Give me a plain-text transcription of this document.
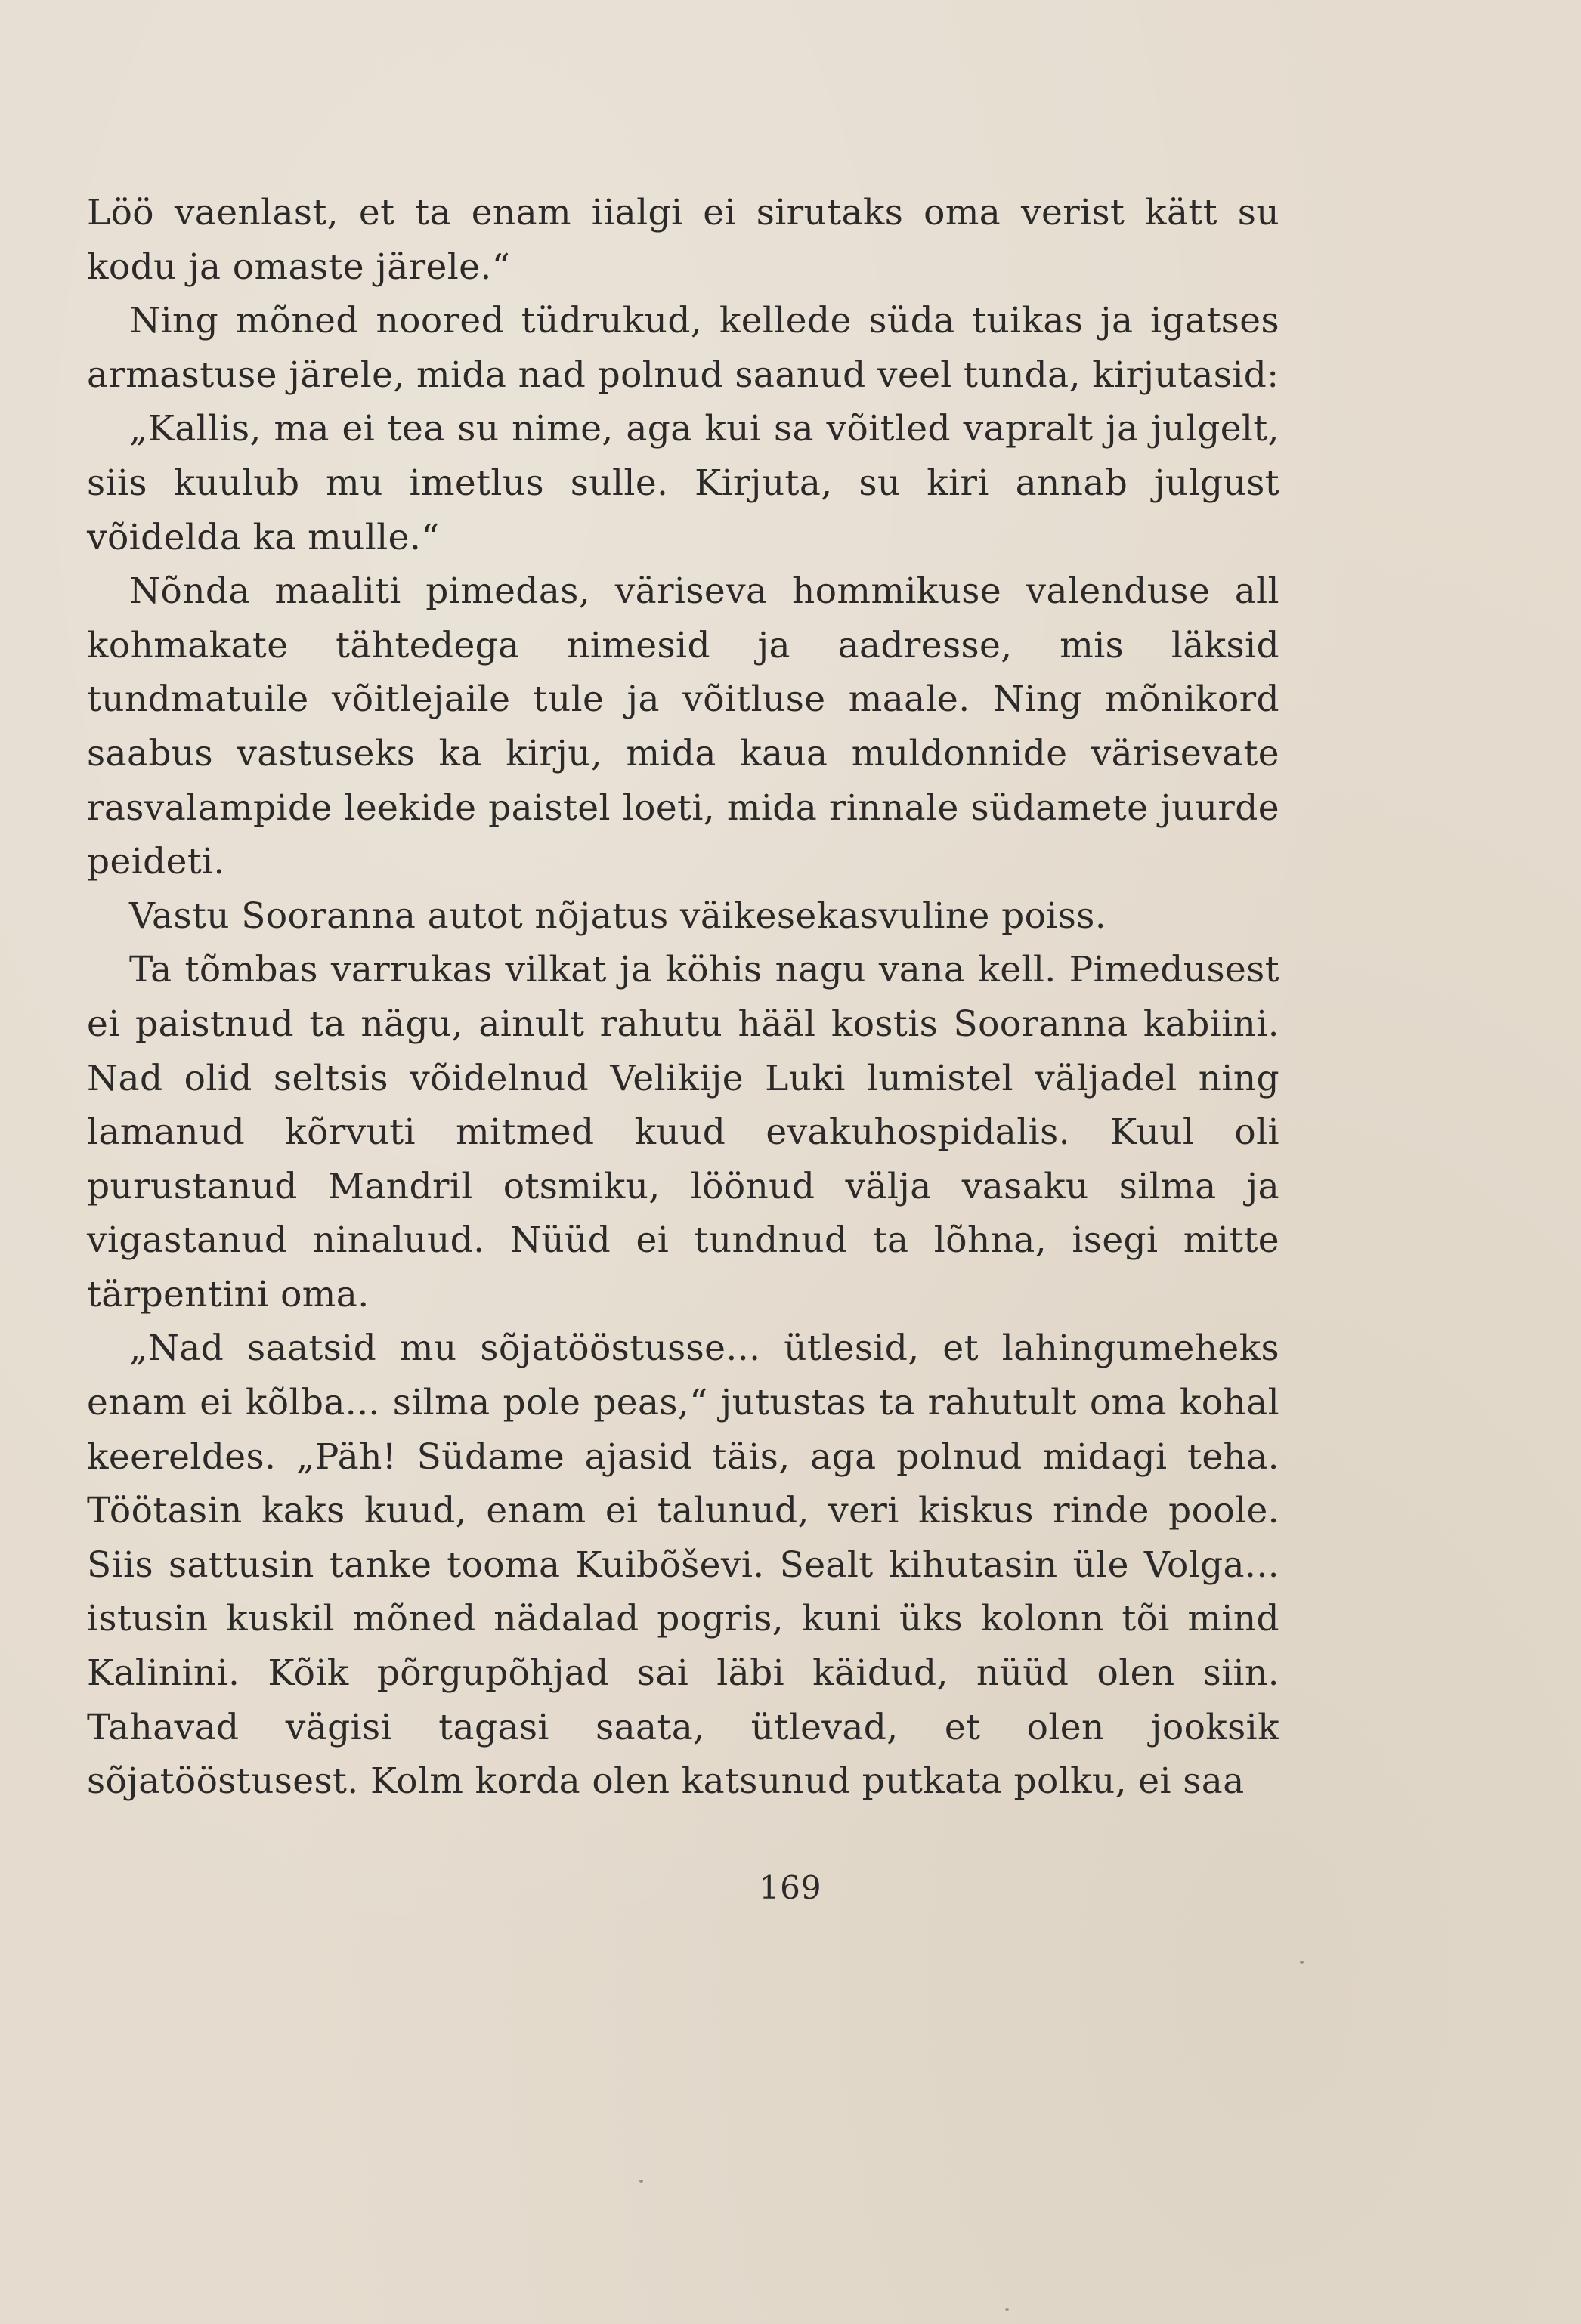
Löö vaenlast, et ta enam iialgi ei sirutaks oma verist kätt su kodu ja omaste järele.“

Ning mõned noored tüdrukud, kellede süda tuikas ja igatses armastuse järele, mida nad polnud saanud veel tunda, kirjutasid:

„Kallis, ma ei tea su nime, aga kui sa võitled vapralt ja julgelt, siis kuulub mu imetlus sulle. Kirjuta, su kiri annab julgust võidelda ka mulle.“

Nõnda maaliti pimedas, väriseva hommikuse valenduse all kohmakate tähtedega nimesid ja aadresse, mis läksid tundmatuile võitlejaile tule ja võitluse maale. Ning mõnikord saabus vastuseks ka kirju, mida kaua muldonnide värisevate rasvalampide leekide paistel loeti, mida rinnale südamete juurde peideti.

Vastu Sooranna autot nõjatus väikesekasvuline poiss.

Ta tõmbas varrukas vilkat ja köhis nagu vana kell. Pimedusest ei paistnud ta nägu, ainult rahutu hääl kostis Sooranna kabiini. Nad olid seltsis võidelnud Velikije Luki lumistel väljadel ning lamanud kõrvuti mitmed kuud evakuhospidalis. Kuul oli purustanud Mandril otsmiku, löönud välja vasaku silma ja vigastanud ninaluud. Nüüd ei tundnud ta lõhna, isegi mitte tärpentini oma.

„Nad saatsid mu sõjatööstusse... ütlesid, et lahingumeheks enam ei kõlba... silma pole peas,“ jutustas ta rahutult oma kohal keereldes. „Päh! Südame ajasid täis, aga polnud midagi teha. Töötasin kaks kuud, enam ei talunud, veri kiskus rinde poole. Siis sattusin tanke tooma Kuibõševi. Sealt kihutasin üle Volga... istusin kuskil mõned nädalad pogris, kuni üks kolonn tõi mind Kalinini. Kõik põrgupõhjad sai läbi käidud, nüüd olen siin. Tahavad vägisi tagasi saata, ütlevad, et olen jooksik sõjatööstusest. Kolm korda olen katsunud putkata polku, ei saa

169
